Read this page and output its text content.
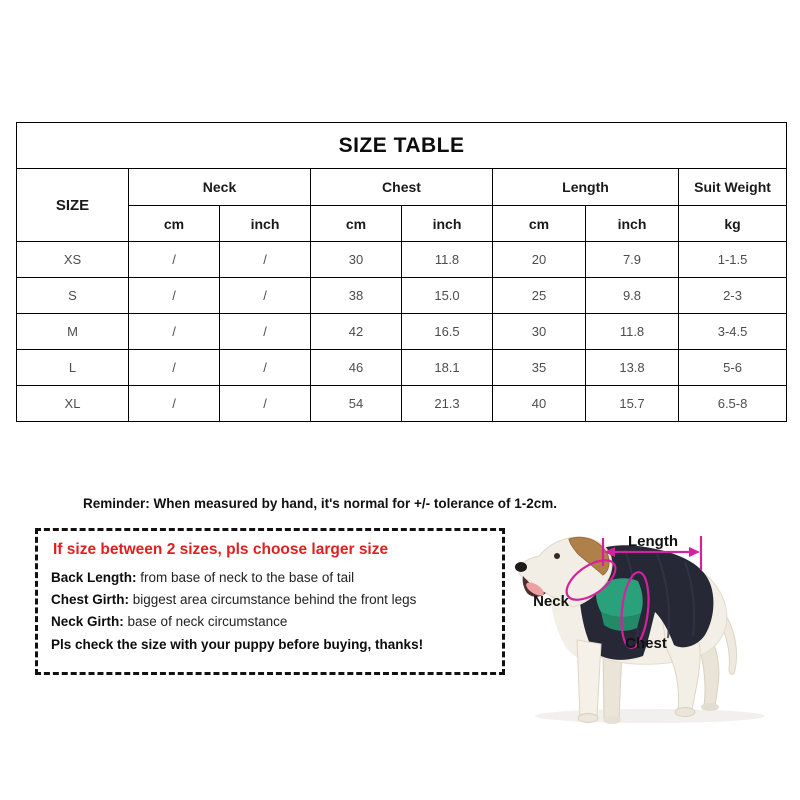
SIZE TABLE							
SIZE	Neck		Chest		Length		Suit Weight
	cm	inch	cm	inch	cm	inch	kg
XS	/	/	30	11.8	20	7.9	1-1.5
S	/	/	38	15.0	25	9.8	2-3
M	/	/	42	16.5	30	11.8	3-4.5
L	/	/	46	18.1	35	13.8	5-6
XL	/	/	54	21.3	40	15.7	6.5-8
Reminder: When measured by hand, it's normal for +/- tolerance of 1-2cm.
If size between 2 sizes, pls choose larger size
Back Length: from base of neck to the base of tail
Chest Girth: biggest area circumstance behind the front legs
Neck Girth: base of neck circumstance
Pls check the size with your puppy before buying, thanks!
Length
Neck
Chest
